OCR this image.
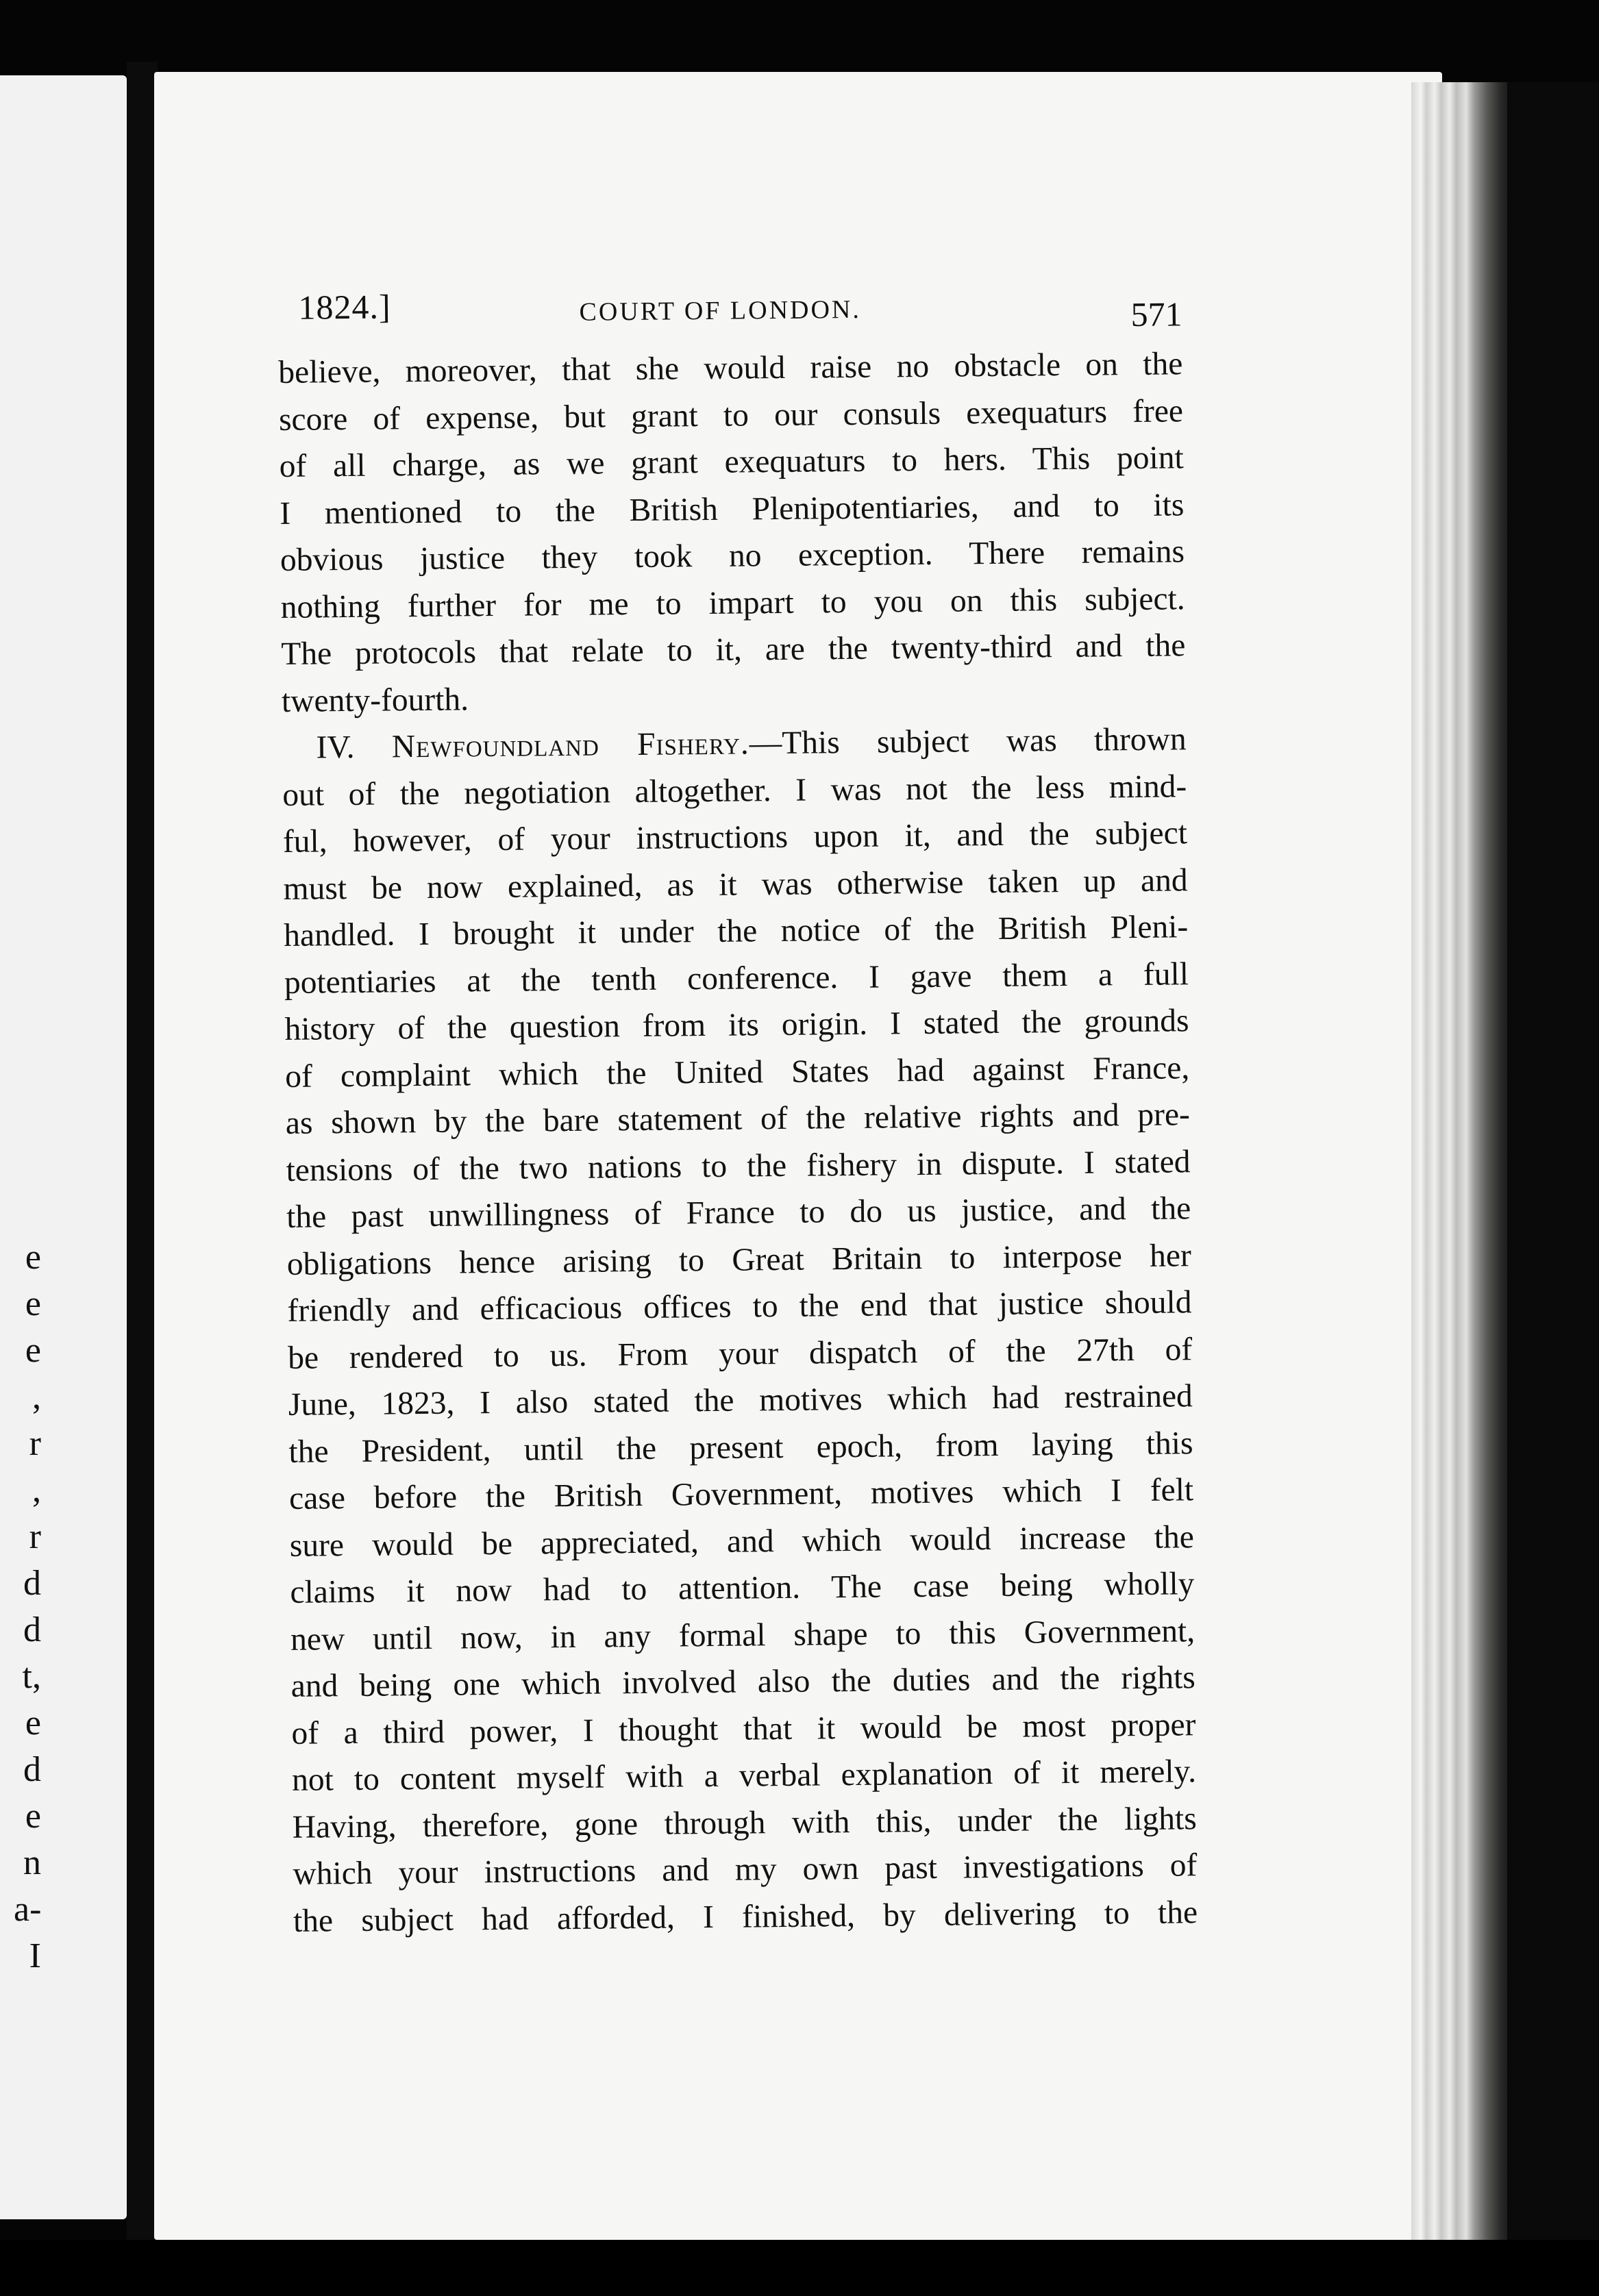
e
e
e
,
r
,
r
d
d
t,
e
d
e
n
a-
I
1824.]	COURT OF LONDON.	571
believe, moreover, that she would raise no obstacle on the
score of expense, but grant to our consuls exequaturs free
of all charge, as we grant exequaturs to hers. This point
I mentioned to the British Plenipotentiaries, and to its
obvious justice they took no exception. There remains
nothing further for me to impart to you on this subject.
The protocols that relate to it, are the twenty-third and the
twenty-fourth.
IV. Newfoundland Fishery.—This subject was thrown
out of the negotiation altogether. I was not the less mind-
ful, however, of your instructions upon it, and the subject
must be now explained, as it was otherwise taken up and
handled. I brought it under the notice of the British Pleni-
potentiaries at the tenth conference. I gave them a full
history of the question from its origin. I stated the grounds
of complaint which the United States had against France,
as shown by the bare statement of the relative rights and pre-
tensions of the two nations to the fishery in dispute. I stated
the past unwillingness of France to do us justice, and the
obligations hence arising to Great Britain to interpose her
friendly and efficacious offices to the end that justice should
be rendered to us. From your dispatch of the 27th of
June, 1823, I also stated the motives which had restrained
the President, until the present epoch, from laying this
case before the British Government, motives which I felt
sure would be appreciated, and which would increase the
claims it now had to attention. The case being wholly
new until now, in any formal shape to this Government,
and being one which involved also the duties and the rights
of a third power, I thought that it would be most proper
not to content myself with a verbal explanation of it merely.
Having, therefore, gone through with this, under the lights
which your instructions and my own past investigations of
the subject had afforded, I finished, by delivering to the
